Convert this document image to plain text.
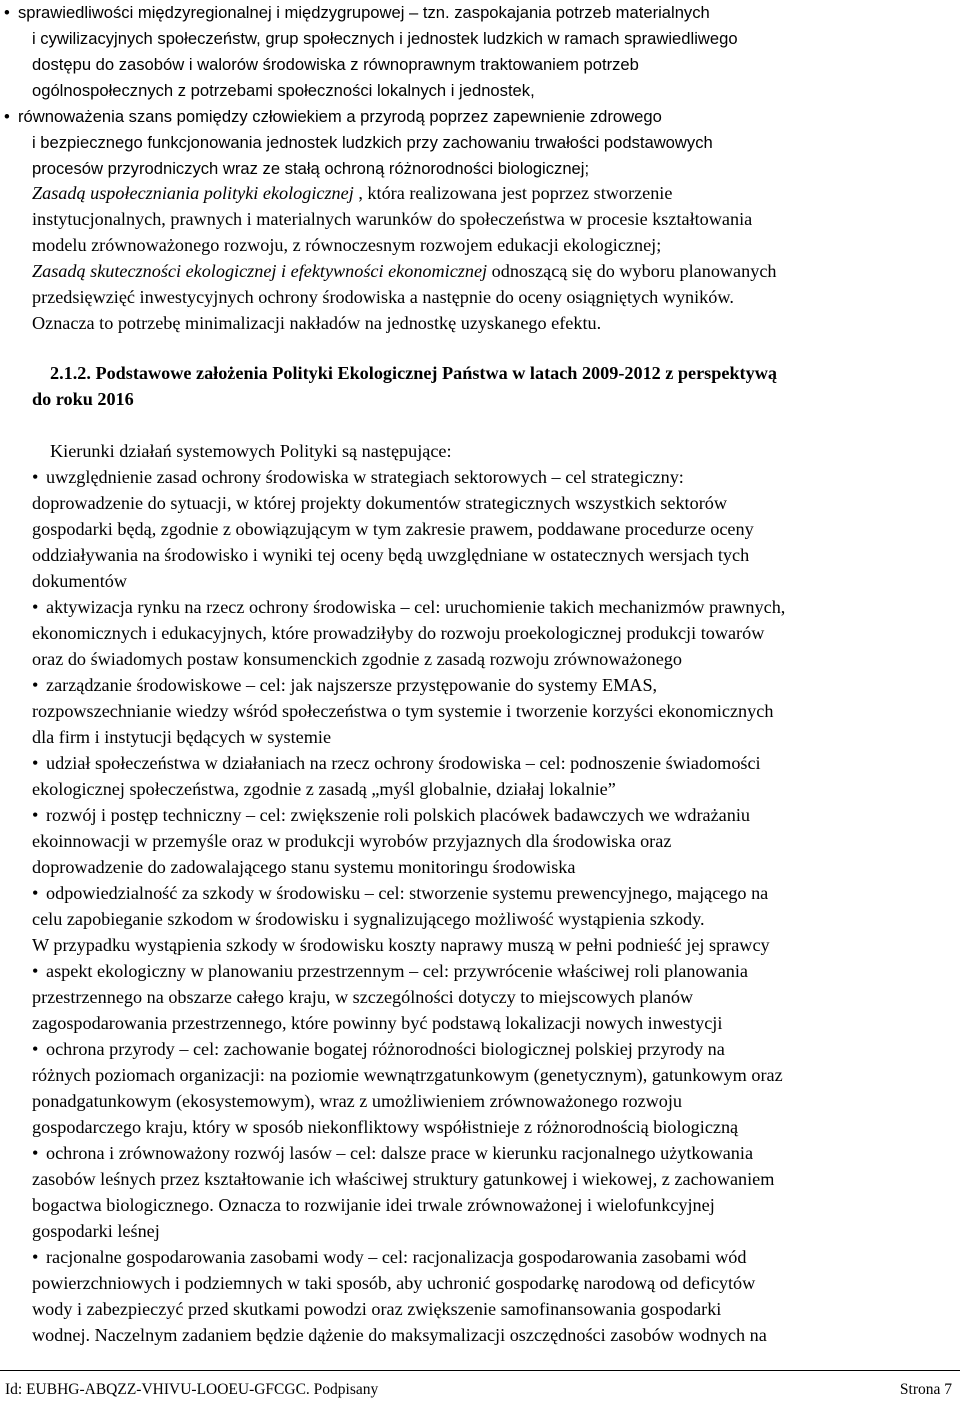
• sprawiedliwości międzyregionalnej i międzygrupowej – tzn. zaspokajania potrzeb materialnych
i cywilizacyjnych społeczeństw, grup społecznych i jednostek ludzkich w ramach sprawiedliwego
dostępu do zasobów i walorów środowiska z równoprawnym traktowaniem potrzeb
ogólnospołecznych z potrzebami społeczności lokalnych i jednostek,
• równoważenia szans pomiędzy człowiekiem a przyrodą poprzez zapewnienie zdrowego
i bezpiecznego funkcjonowania jednostek ludzkich przy zachowaniu trwałości podstawowych
procesów przyrodniczych wraz ze stałą ochroną różnorodności biologicznej;
Zasadą uspołeczniania polityki ekologicznej , która realizowana jest poprzez stworzenie
instytucjonalnych, prawnych i materialnych warunków do społeczeństwa w procesie kształtowania
modelu zrównoważonego rozwoju, z równoczesnym rozwojem edukacji ekologicznej;
Zasadą skuteczności ekologicznej i efektywności ekonomicznej odnoszącą się do wyboru planowanych
przedsięwzięć inwestycyjnych ochrony środowiska a następnie do oceny osiągniętych wyników.
Oznacza to potrzebę minimalizacji nakładów na jednostkę uzyskanego efektu.
2.1.2. Podstawowe założenia Polityki Ekologicznej Państwa w latach 2009-2012 z perspektywą
do roku 2016
Kierunki działań systemowych Polityki są następujące:
• uwzględnienie zasad ochrony środowiska w strategiach sektorowych – cel strategiczny:
doprowadzenie do sytuacji, w której projekty dokumentów strategicznych wszystkich sektorów
gospodarki będą, zgodnie z obowiązującym w tym zakresie prawem, poddawane procedurze oceny
oddziaływania na środowisko i wyniki tej oceny będą uwzględniane w ostatecznych wersjach tych
dokumentów
• aktywizacja rynku na rzecz ochrony środowiska – cel: uruchomienie takich mechanizmów prawnych,
ekonomicznych i edukacyjnych, które prowadziłyby do rozwoju proekologicznej produkcji towarów
oraz do świadomych postaw konsumenckich zgodnie z zasadą rozwoju zrównoważonego
• zarządzanie środowiskowe – cel: jak najszersze przystępowanie do systemy EMAS,
rozpowszechnianie wiedzy wśród społeczeństwa o tym systemie i tworzenie korzyści ekonomicznych
dla firm i instytucji będących w systemie
• udział społeczeństwa w działaniach na rzecz ochrony środowiska – cel: podnoszenie świadomości
ekologicznej społeczeństwa, zgodnie z zasadą „myśl globalnie, działaj lokalnie”
• rozwój i postęp techniczny – cel: zwiększenie roli polskich placówek badawczych we wdrażaniu
ekoinnowacji w przemyśle oraz w produkcji wyrobów przyjaznych dla środowiska oraz
doprowadzenie do zadowalającego stanu systemu monitoringu środowiska
• odpowiedzialność za szkody w środowisku – cel: stworzenie systemu prewencyjnego, mającego na
celu zapobieganie szkodom w środowisku i sygnalizującego możliwość wystąpienia szkody.
W przypadku wystąpienia szkody w środowisku koszty naprawy muszą w pełni podnieść jej sprawcy
• aspekt ekologiczny w planowaniu przestrzennym – cel: przywrócenie właściwej roli planowania
przestrzennego na obszarze całego kraju, w szczególności dotyczy to miejscowych planów
zagospodarowania przestrzennego, które powinny być podstawą lokalizacji nowych inwestycji
• ochrona przyrody – cel: zachowanie bogatej różnorodności biologicznej polskiej przyrody na
różnych poziomach organizacji: na poziomie wewnątrzgatunkowym (genetycznym), gatunkowym oraz
ponadgatunkowym (ekosystemowym), wraz z umożliwieniem zrównoważonego rozwoju
gospodarczego kraju, który w sposób niekonfliktowy współistnieje z różnorodnością biologiczną
• ochrona i zrównoważony rozwój lasów – cel: dalsze prace w kierunku racjonalnego użytkowania
zasobów leśnych przez kształtowanie ich właściwej struktury gatunkowej i wiekowej, z zachowaniem
bogactwa biologicznego. Oznacza to rozwijanie idei trwale zrównoważonej i wielofunkcyjnej
gospodarki leśnej
• racjonalne gospodarowania zasobami wody – cel: racjonalizacja gospodarowania zasobami wód
powierzchniowych i podziemnych w taki sposób, aby uchronić gospodarkę narodową od deficytów
wody i zabezpieczyć przed skutkami powodzi oraz zwiększenie samofinansowania gospodarki
wodnej. Naczelnym zadaniem będzie dążenie do maksymalizacji oszczędności zasobów wodnych na
Id: EUBHG-ABQZZ-VHIVU-LOOEU-GFCGC. Podpisany	Strona 7
